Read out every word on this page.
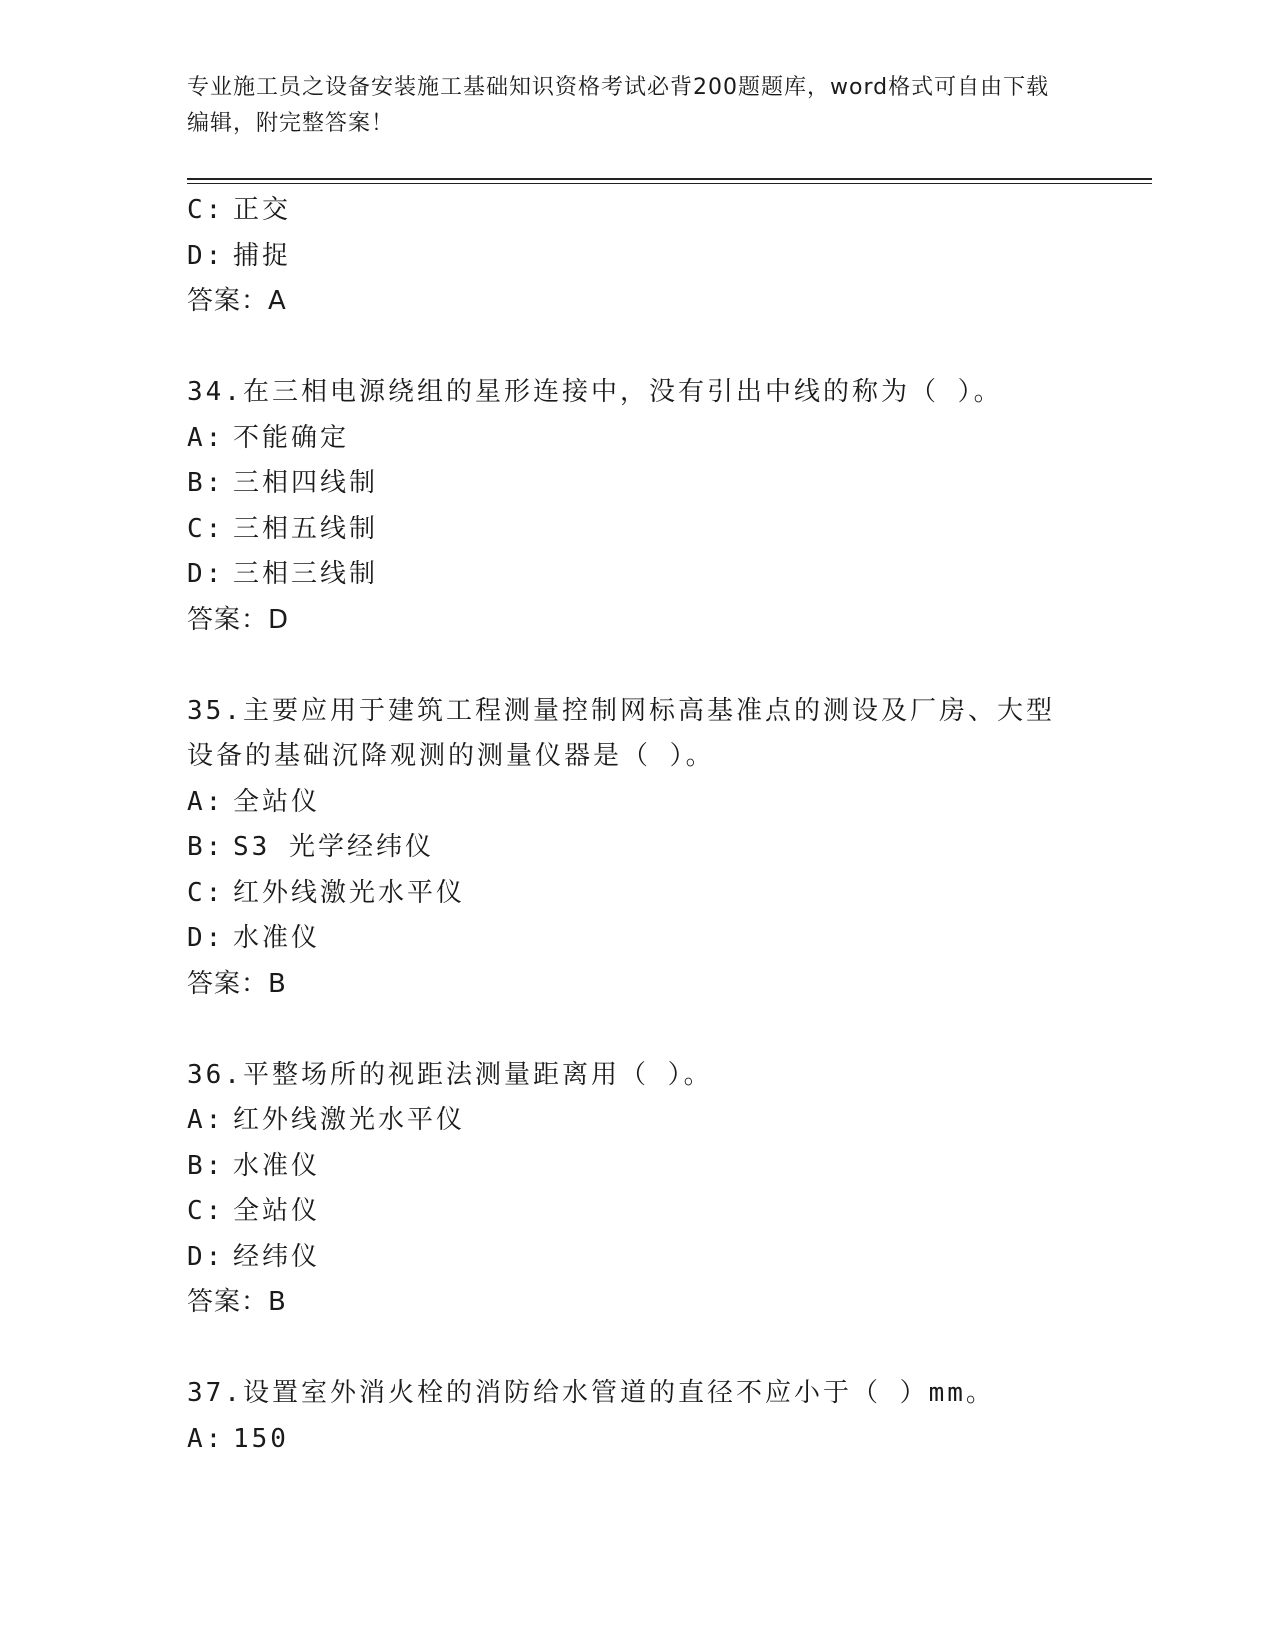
专业施工员之设备安装施工基础知识资格考试必背200题题库，word格式可自由下载编辑，附完整答案！
C: 正交
D: 捕捉
答案：A
34.在三相电源绕组的星形连接中，没有引出中线的称为（ ）。
A: 不能确定
B: 三相四线制
C: 三相五线制
D: 三相三线制
答案：D
35.主要应用于建筑工程测量控制网标高基准点的测设及厂房、大型设备的基础沉降观测的测量仪器是（ ）。
A: 全站仪
B: S3 光学经纬仪
C: 红外线激光水平仪
D: 水准仪
答案：B
36.平整场所的视距法测量距离用（ ）。
A: 红外线激光水平仪
B: 水准仪
C: 全站仪
D: 经纬仪
答案：B
37.设置室外消火栓的消防给水管道的直径不应小于（ ）mm。
A: 150
